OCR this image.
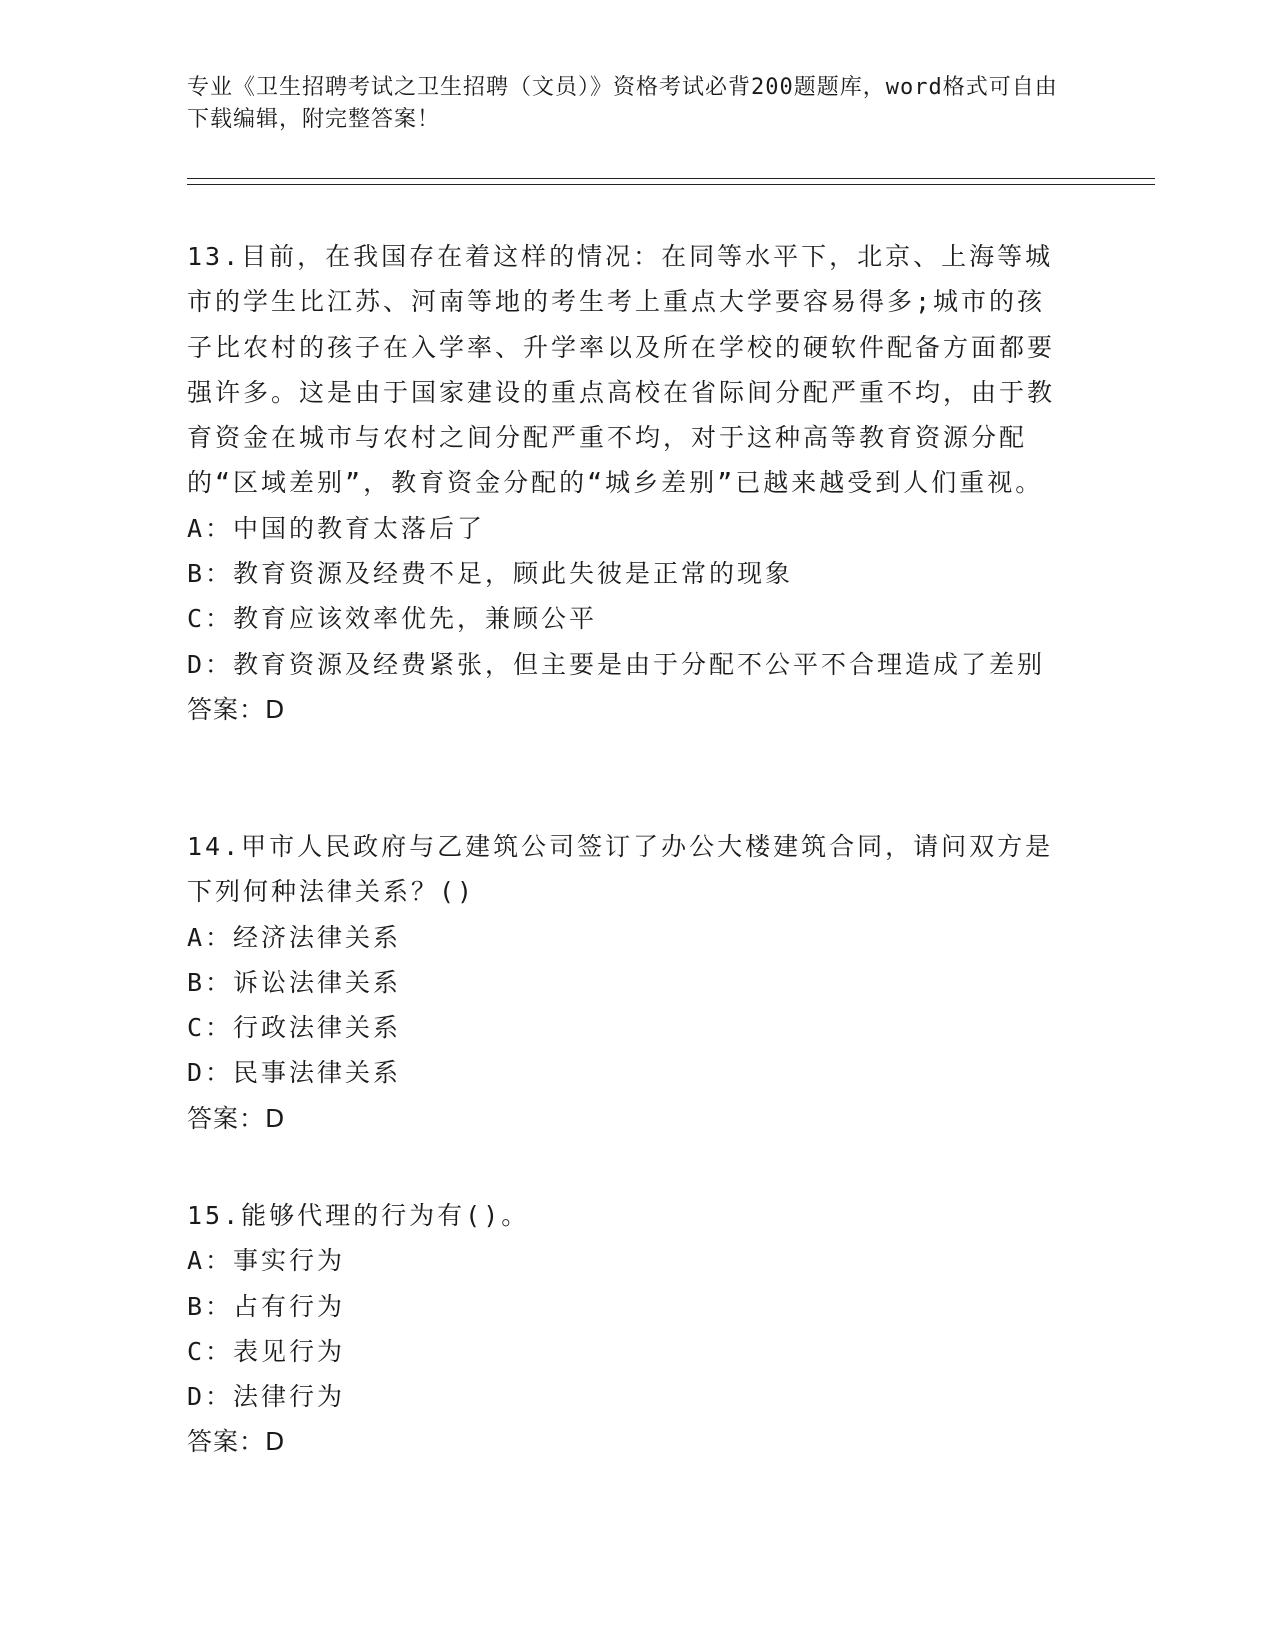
专业《卫生招聘考试之卫生招聘（文员）》资格考试必背200题题库，word格式可自由下载编辑，附完整答案！

13.目前，在我国存在着这样的情况：在同等水平下，北京、上海等城市的学生比江苏、河南等地的考生考上重点大学要容易得多;城市的孩子比农村的孩子在入学率、升学率以及所在学校的硬软件配备方面都要强许多。这是由于国家建设的重点高校在省际间分配严重不均，由于教育资金在城市与农村之间分配严重不均，对于这种高等教育资源分配的“区域差别”，教育资金分配的“城乡差别”已越来越受到人们重视。

A：中国的教育太落后了

B：教育资源及经费不足，顾此失彼是正常的现象

C：教育应该效率优先，兼顾公平

D：教育资源及经费紧张，但主要是由于分配不公平不合理造成了差别

答案：D

14.甲市人民政府与乙建筑公司签订了办公大楼建筑合同，请问双方是下列何种法律关系？()

A：经济法律关系

B：诉讼法律关系

C：行政法律关系

D：民事法律关系

答案：D

15.能够代理的行为有()。

A：事实行为

B：占有行为

C：表见行为

D：法律行为

答案：D
